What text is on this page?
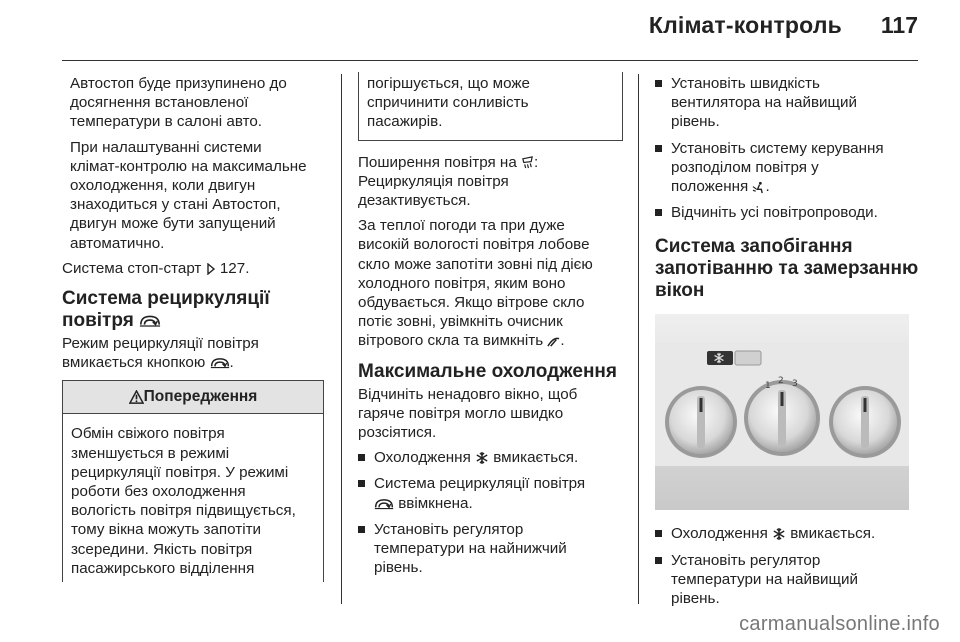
Клімат-контроль 117

Автостоп буде призупинено до
досягнення встановленої
температури в салоні авто.

При налаштуванні системи
клімат-контролю на максимальне
охолодження, коли двигун
знаходиться у стані Автостоп,
двигун може бути запущений
автоматично.

Система стоп-старт 127.

Система рециркуляції
повітря

Режим рециркуляції повітря
вмикається кнопкою .

Попередження
Обмін свіжого повітря
зменшується в режимі
рециркуляції повітря. У режимі
роботи без охолодження
вологість повітря підвищується,
тому вікна можуть запотіти
зсередини. Якість повітря
пасажирського відділення
погіршується, що може
спричинити сонливість
пасажирів.

Поширення повітря на :
Рециркуляція повітря
дезактивується.

За теплої погоди та при дуже
високій вологості повітря лобове
скло може запотіти зовні під дією
холодного повітря, яким воно
обдувається. Якщо вітрове скло
потіє зовні, увімкніть очисник
вітрового скла та вимкніть .

Максимальне охолодження

Відчиніть ненадовго вікно, щоб
гаряче повітря могло швидко
розсіятися.

Охолодження вмикається.
Система рециркуляції повітря
ввімкнена.
Установіть регулятор
температури на найнижчий
рівень.
Установіть швидкість
вентилятора на найвищий
рівень.
Установіть систему керування
розподілом повітря у
положення .
Відчиніть усі повітропроводи.
Система запобігання
запотіванню та замерзанню
вікон
1 2 3
Охолодження вмикається.
Установіть регулятор
температури на найвищий
рівень.
carmanualsonline.info
